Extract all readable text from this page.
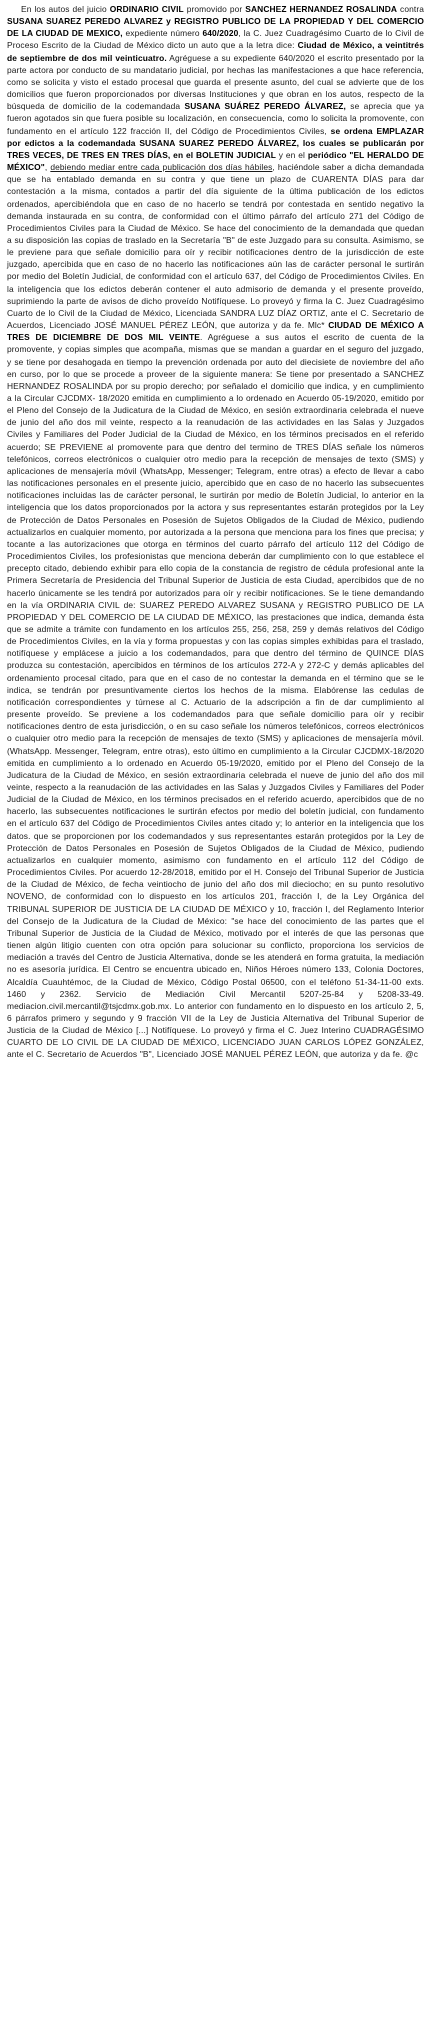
En los autos del juicio ORDINARIO CIVIL promovido por SANCHEZ HERNANDEZ ROSALINDA contra SUSANA SUAREZ PEREDO ALVAREZ y REGISTRO PUBLICO DE LA PROPIEDAD Y DEL COMERCIO DE LA CIUDAD DE MEXICO, expediente número 640/2020, la C. Juez Cuadragésimo Cuarto de lo Civil de Proceso Escrito de la Ciudad de México dicto un auto que a la letra dice: Ciudad de México, a veintitrés de septiembre de dos mil veinticuatro. Agréguese a su expediente 640/2020 el escrito presentado por la parte actora por conducto de su mandatario judicial, por hechas las manifestaciones a que hace referencia, como se solicita y visto el estado procesal que guarda el presente asunto, del cual se advierte que de los domicilios que fueron proporcionados por diversas Instituciones y que obran en los autos, respecto de la búsqueda de domicilio de la codemandada SUSANA SUÁREZ PEREDO ÁLVAREZ, se aprecia que ya fueron agotados sin que fuera posible su localización, en consecuencia, como lo solicita la promovente, con fundamento en el artículo 122 fracción II, del Código de Procedimientos Civiles, se ordena EMPLAZAR por edictos a la codemandada SUSANA SUAREZ PEREDO ÁLVAREZ, los cuales se publicarán por TRES VECES, DE TRES EN TRES DÍAS, en el BOLETIN JUDICIAL y en el periódico "EL HERALDO DE MÉXICO", debiendo mediar entre cada publicación dos días hábiles, haciéndole saber a dicha demandada que se ha entablado demanda en su contra y que tiene un plazo de CUARENTA DÍAS para dar contestación a la misma, contados a partir del día siguiente de la última publicación de los edictos ordenados, apercibiéndola que en caso de no hacerlo se tendrá por contestada en sentido negativo la demanda instaurada en su contra, de conformidad con el último párrafo del artículo 271 del Código de Procedimientos Civiles para la Ciudad de México. Se hace del conocimiento de la demandada que quedan a su disposición las copias de traslado en la Secretaría "B" de este Juzgado para su consulta. Asimismo, se le previene para que señale domicilio para oír y recibir notificaciones dentro de la jurisdicción de este juzgado, apercibida que en caso de no hacerlo las notificaciones aún las de carácter personal le surtirán por medio del Boletín Judicial, de conformidad con el artículo 637, del Código de Procedimientos Civiles. En la inteligencia que los edictos deberán contener el auto admisorio de demanda y el presente proveído, suprimiendo la parte de avisos de dicho proveído Notifíquese. Lo proveyó y firma la C. Juez Cuadragésimo Cuarto de lo Civil de la Ciudad de México, Licenciada SANDRA LUZ DÍAZ ORTIZ, ante el C. Secretario de Acuerdos, Licenciado JOSÉ MANUEL PÉREZ LEÓN, que autoriza y da fe. Mlc* CIUDAD DE MÉXICO A TRES DE DICIEMBRE DE DOS MIL VEINTE. Agréguese a sus autos el escrito de cuenta de la promovente, y copias simples que acompaña, mismas que se mandan a guardar en el seguro del juzgado, y se tiene por desahogada en tiempo la prevención ordenada por auto del diecisiete de noviembre del año en curso, por lo que se procede a proveer de la siguiente manera: Se tiene por presentado a SANCHEZ HERNANDEZ ROSALINDA por su propio derecho; por señalado el domicilio que indica, y en cumplimiento a la Circular CJCDMX- 18/2020 emitida en cumplimiento a lo ordenado en Acuerdo 05-19/2020, emitido por el Pleno del Consejo de la Judicatura de la Ciudad de México, en sesión extraordinaria celebrada el nueve de junio del año dos mil veinte, respecto a la reanudación de las actividades en las Salas y Juzgados Civiles y Familiares del Poder Judicial de la Ciudad de México, en los términos precisados en el referido acuerdo; SE PREVIENE al promovente para que dentro del termino de TRES DÍAS señale los números telefónicos, correos electrónicos o cualquier otro medio para la recepción de mensajes de texto (SMS) y aplicaciones de mensajería móvil (WhatsApp, Messenger; Telegram, entre otras) a efecto de llevar a cabo las notificaciones personales en el presente juicio, apercibido que en caso de no hacerlo las subsecuentes notificaciones incluidas las de carácter personal, le surtirán por medio de Boletín Judicial, lo anterior en la inteligencia que los datos proporcionados por la actora y sus representantes estarán protegidos por la Ley de Protección de Datos Personales en Posesión de Sujetos Obligados de la Ciudad de México, pudiendo actualizarlos en cualquier momento, por autorizada a la persona que menciona para los fines que precisa; y tocante a las autorizaciones que otorga en términos del cuarto párrafo del artículo 112 del Código de Procedimientos Civiles, los profesionistas que menciona deberán dar cumplimiento con lo que establece el precepto citado, debiendo exhibir para ello copia de la constancia de registro de cédula profesional ante la Primera Secretaría de Presidencia del Tribunal Superior de Justicia de esta Ciudad, apercibidos que de no hacerlo únicamente se les tendrá por autorizados para oír y recibir notificaciones. Se le tiene demandando en la vía ORDINARIA CIVIL de: SUAREZ PEREDO ALVAREZ SUSANA y REGISTRO PUBLICO DE LA PROPIEDAD Y DEL COMERCIO DE LA CIUDAD DE MÉXICO, las prestaciones que indica, demanda ésta que se admite a trámite con fundamento en los artículos 255, 256, 258, 259 y demás relativos del Código de Procedimientos Civiles, en la vía y forma propuestas y con las copias simples exhibidas para el traslado, notifíquese y emplácese a juicio a los codemandados, para que dentro del término de QUINCE DÍAS produzca su contestación, apercibidos en términos de los artículos 272-A y 272-C y demás aplicables del ordenamiento procesal citado, para que en el caso de no contestar la demanda en el término que se le indica, se tendrán por presuntivamente ciertos los hechos de la misma. Elabórense las cedulas de notificación correspondientes y túrnese al C. Actuario de la adscripción a fin de dar cumplimiento al presente proveído. Se previene a los codemandados para que señale domicilio para oír y recibir notificaciones dentro de esta jurisdicción, o en su caso señale los números telefónicos, correos electrónicos o cualquier otro medio para la recepción de mensajes de texto (SMS) y aplicaciones de mensajería móvil. (WhatsApp. Messenger, Telegram, entre otras), esto último en cumplimiento a la Circular CJCDMX-18/2020 emitida en cumplimiento a lo ordenado en Acuerdo 05-19/2020, emitido por el Pleno del Consejo de la Judicatura de la Ciudad de México, en sesión extraordinaria celebrada el nueve de junio del año dos mil veinte, respecto a la reanudación de las actividades en las Salas y Juzgados Civiles y Familiares del Poder Judicial de la Ciudad de México, en los términos precisados en el referido acuerdo, apercibidos que de no hacerlo, las subsecuentes notificaciones le surtirán efectos por medio del boletín judicial, con fundamento en el artículo 637 del Código de Procedimientos Civiles antes citado y; lo anterior en la inteligencia que los datos. que se proporcionen por los codemandados y sus representantes estarán protegidos por la Ley de Protección de Datos Personales en Posesión de Sujetos Obligados de la Ciudad de México, pudiendo actualizarlos en cualquier momento, asimismo con fundamento en el artículo 112 del Código de Procedimientos Civiles. Por acuerdo 12-28/2018, emitido por el H. Consejo del Tribunal Superior de Justicia de la Ciudad de México, de fecha veintiocho de junio del año dos mil dieciocho; en su punto resolutivo NOVENO, de conformidad con lo dispuesto en los artículos 201, fracción I, de la Ley Orgánica del TRIBUNAL SUPERIOR DE JUSTICIA DE LA CIUDAD DE MÉXICO y 10, fracción I, del Reglamento Interior del Consejo de la Judicatura de la Ciudad de México: "se hace del conocimiento de las partes que el Tribunal Superior de Justicia de la Ciudad de México, motivado por el interés de que las personas que tienen algún litigio cuenten con otra opción para solucionar su conflicto, proporciona los servicios de mediación a través del Centro de Justicia Alternativa, donde se les atenderá en forma gratuita, la mediación no es asesoría jurídica. El Centro se encuentra ubicado en, Niños Héroes número 133, Colonia Doctores, Alcaldía Cuauhtémoc, de la Ciudad de México, Código Postal 06500, con el teléfono 51-34-11-00 exts. 1460 y 2362. Servicio de Mediación Civil Mercantil 5207-25-84 y 5208-33-49. mediacion.civil.mercantil@tsjcdmx.gob.mx. Lo anterior con fundamento en lo dispuesto en los artículo 2, 5, 6 párrafos primero y segundo y 9 fracción VII de la Ley de Justicia Alternativa del Tribunal Superior de Justicia de la Ciudad de México [...] Notifíquese. Lo proveyó y firma el C. Juez Interino CUADRAGÉSIMO CUARTO DE LO CIVIL DE LA CIUDAD DE MÉXICO, LICENCIADO JUAN CARLOS LÓPEZ GONZÁLEZ, ante el C. Secretario de Acuerdos "B", Licenciado JOSÉ MANUEL PÉREZ LEÓN, que autoriza y da fe. @c
